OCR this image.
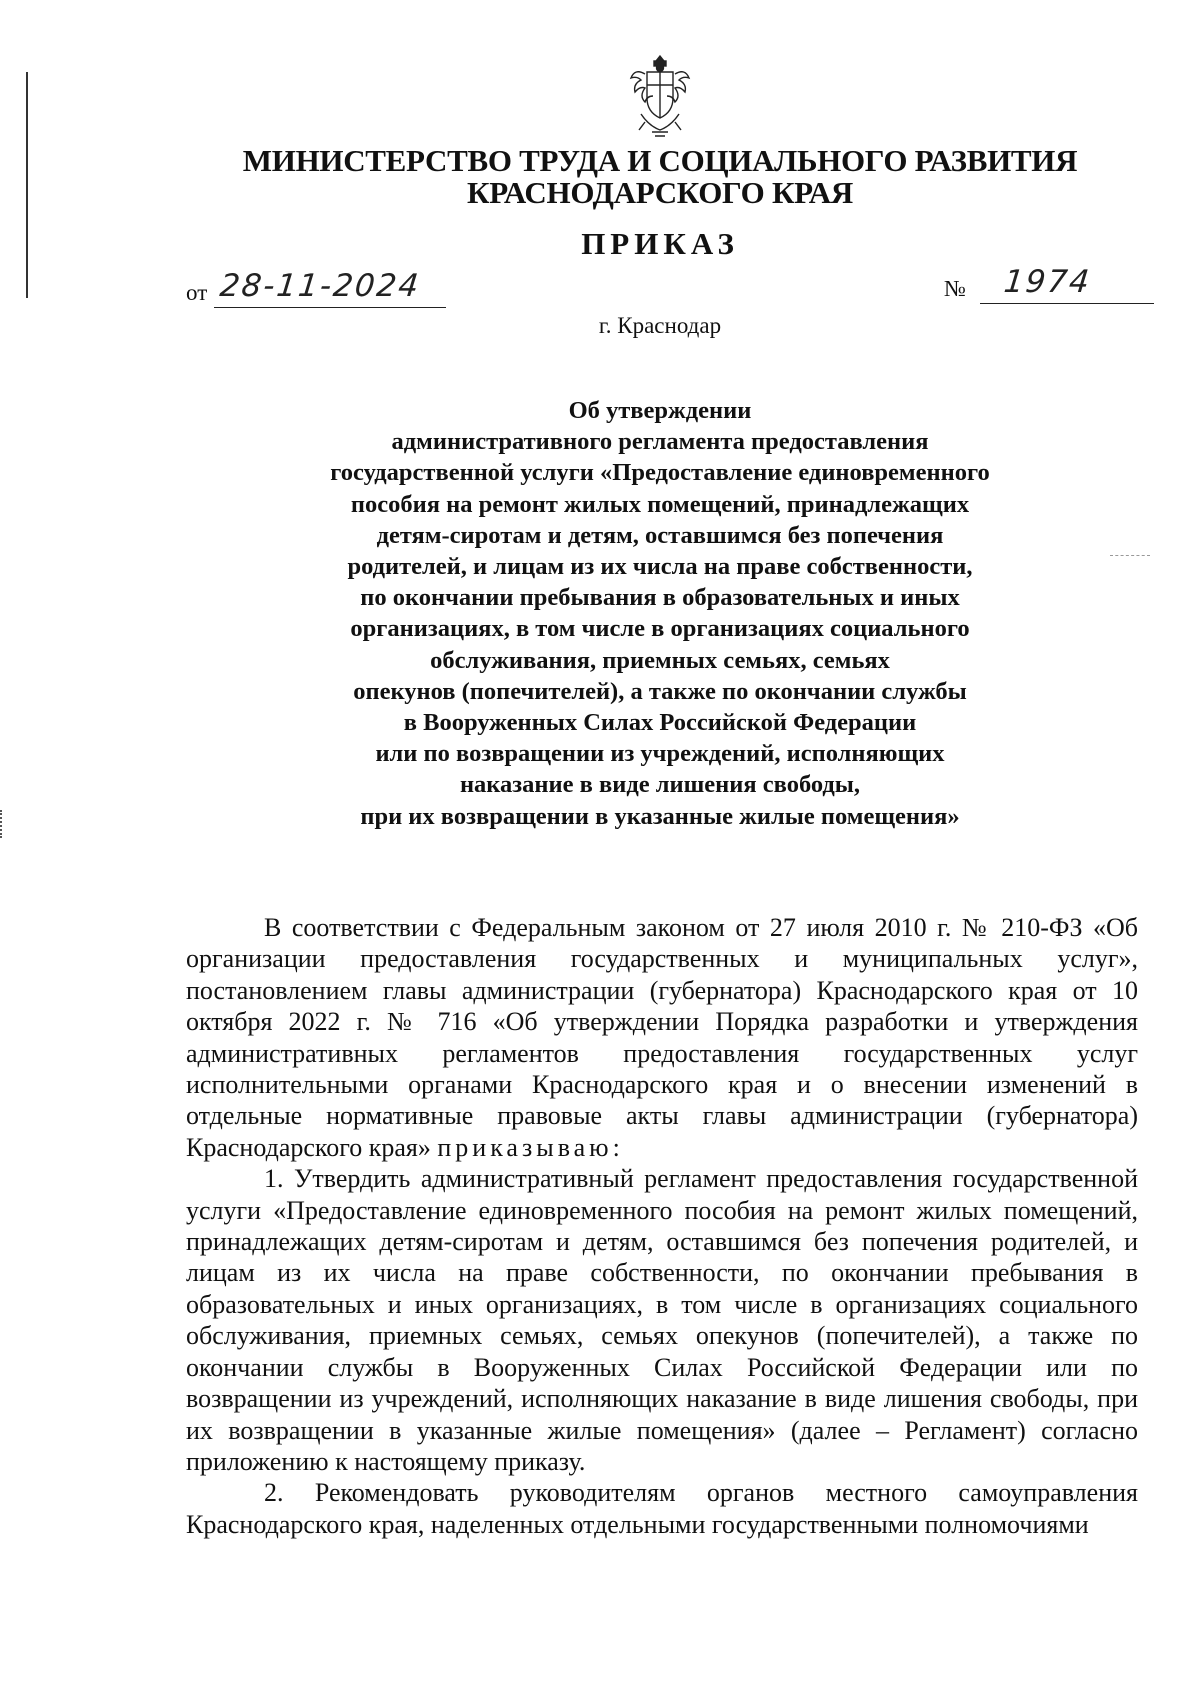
МИНИСТЕРСТВО ТРУДА И СОЦИАЛЬНОГО РАЗВИТИЯ
КРАСНОДАРСКОГО КРАЯ
ПРИКАЗ
от 28-11-2024	№ 1974
г. Краснодар
Об утверждении
административного регламента предоставления
государственной услуги «Предоставление единовременного
пособия на ремонт жилых помещений, принадлежащих
детям-сиротам и детям, оставшимся без попечения
родителей, и лицам из их числа на праве собственности,
по окончании пребывания в образовательных и иных
организациях, в том числе в организациях социального
обслуживания, приемных семьях, семьях
опекунов (попечителей), а также по окончании службы
в Вооруженных Силах Российской Федерации
или по возвращении из учреждений, исполняющих
наказание в виде лишения свободы,
при их возвращении в указанные жилые помещения»

В соответствии с Федеральным законом от 27 июля 2010 г. № 210-ФЗ «Об организации предоставления государственных и муниципальных услуг», постановлением главы администрации (губернатора) Краснодарского края от 10 октября 2022 г. № 716 «Об утверждении Порядка разработки и утверждения административных регламентов предоставления государственных услуг исполнительными органами Краснодарского края и о внесении изменений в отдельные нормативные правовые акты главы администрации (губернатора) Краснодарского края» приказываю:

1. Утвердить административный регламент предоставления государственной услуги «Предоставление единовременного пособия на ремонт жилых помещений, принадлежащих детям-сиротам и детям, оставшимся без попечения родителей, и лицам из их числа на праве собственности, по окончании пребывания в образовательных и иных организациях, в том числе в организациях социального обслуживания, приемных семьях, семьях опекунов (попечителей), а также по окончании службы в Вооруженных Силах Российской Федерации или по возвращении из учреждений, исполняющих наказание в виде лишения свободы, при их возвращении в указанные жилые помещения» (далее – Регламент) согласно приложению к настоящему приказу.

2. Рекомендовать руководителям органов местного самоуправления Краснодарского края, наделенных отдельными государственными полномочиями
